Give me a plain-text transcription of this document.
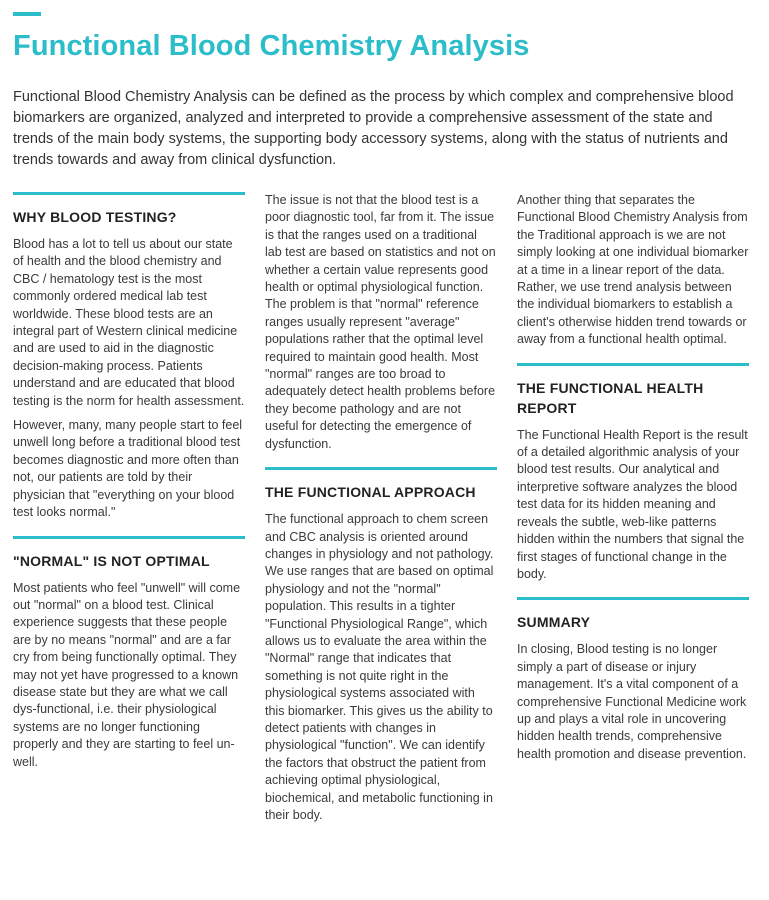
Functional Blood Chemistry Analysis

Functional Blood Chemistry Analysis can be defined as the process by which complex and comprehensive blood biomarkers are organized, analyzed and interpreted to provide a comprehensive assessment of the state and trends of the main body systems, the supporting body accessory systems, along with the status of nutrients and trends towards and away from clinical dysfunction.

WHY BLOOD TESTING?

Blood has a lot to tell us about our state of health and the blood chemistry and CBC / hematology test is the most commonly ordered medical lab test worldwide. These blood tests are an integral part of Western clinical medicine and are used to aid in the diagnostic decision-making process. Patients understand and are educated that blood testing is the norm for health assessment.

However, many, many people start to feel unwell long before a traditional blood test becomes diagnostic and more often than not, our patients are told by their physician that "everything on your blood test looks normal."

"NORMAL" IS NOT OPTIMAL

Most patients who feel "unwell" will come out "normal" on a blood test. Clinical experience suggests that these people are by no means "normal" and are a far cry from being functionally optimal. They may not yet have progressed to a known disease state but they are what we call dys-functional, i.e. their physiological systems are no longer functioning properly and they are starting to feel un-well.

The issue is not that the blood test is a poor diagnostic tool, far from it. The issue is that the ranges used on a traditional lab test are based on statistics and not on whether a certain value represents good health or optimal physiological function. The problem is that "normal" reference ranges usually represent "average" populations rather that the optimal level required to maintain good health. Most "normal" ranges are too broad to adequately detect health problems before they become pathology and are not useful for detecting the emergence of dysfunction.

THE FUNCTIONAL APPROACH

The functional approach to chem screen and CBC analysis is oriented around changes in physiology and not pathology. We use ranges that are based on optimal physiology and not the "normal" population. This results in a tighter "Functional Physiological Range", which allows us to evaluate the area within the "Normal" range that indicates that something is not quite right in the physiological systems associated with this biomarker. This gives us the ability to detect patients with changes in physiological "function". We can identify the factors that obstruct the patient from achieving optimal physiological, biochemical, and metabolic functioning in their body.

Another thing that separates the Functional Blood Chemistry Analysis from the Traditional approach is we are not simply looking at one individual biomarker at a time in a linear report of the data. Rather, we use trend analysis between the individual biomarkers to establish a client's otherwise hidden trend towards or away from a functional health optimal.

THE FUNCTIONAL HEALTH REPORT

The Functional Health Report is the result of a detailed algorithmic analysis of your blood test results. Our analytical and interpretive software analyzes the blood test data for its hidden meaning and reveals the subtle, web-like patterns hidden within the numbers that signal the first stages of functional change in the body.

SUMMARY

In closing, Blood testing is no longer simply a part of disease or injury management. It's a vital component of a comprehensive Functional Medicine work up and plays a vital role in uncovering hidden health trends, comprehensive health promotion and disease prevention.
